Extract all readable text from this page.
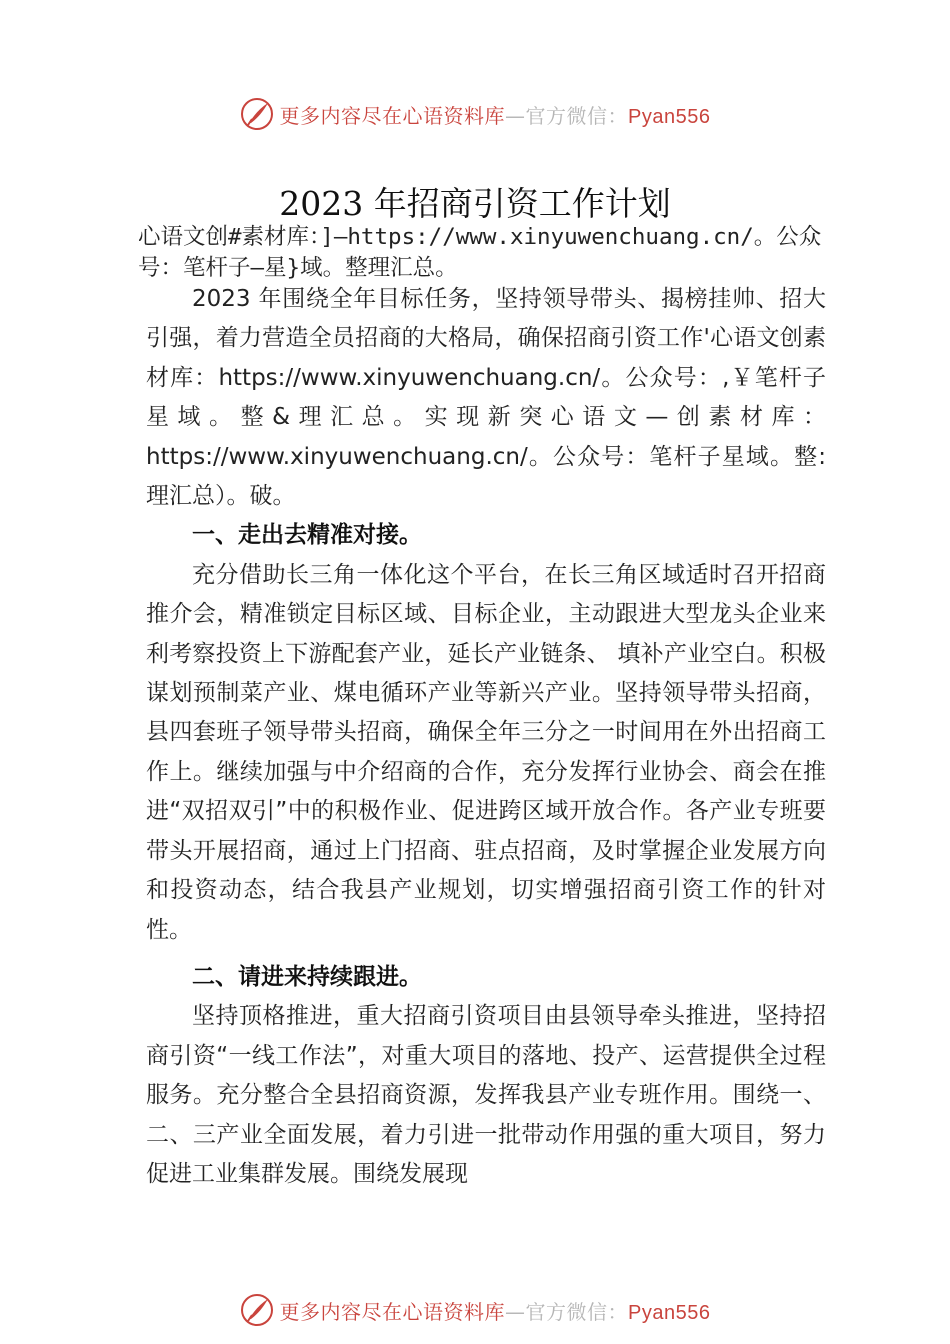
更多内容尽在心语资料库—官方微信：Pyan556
2023 年招商引资工作计划
心语文创#素材库：]—https://www.xinyuwenchuang.cn/。公众号：笔杆子—星}域。整理汇总。

2023 年围绕全年目标任务，坚持领导带头、揭榜挂帅、招大引强，着力营造全员招商的大格局，确保招商引资工作'心语文创素材库：https://www.xinyuwenchuang.cn/。公众号：,￥笔杆子星域。整&理汇总。实现新突心语文—创素材库：https://www.xinyuwenchuang.cn/。公众号：笔杆子星域。整:理汇总）。破。

一、走出去精准对接。

充分借助长三角一体化这个平台，在长三角区域适时召开招商推介会，精准锁定目标区域、目标企业，主动跟进大型龙头企业来利考察投资上下游配套产业，延长产业链条、 填补产业空白。积极谋划预制菜产业、煤电循环产业等新兴产业。坚持领导带头招商，县四套班子领导带头招商，确保全年三分之一时间用在外出招商工作上。继续加强与中介绍商的合作，充分发挥行业协会、商会在推进“双招双引”中的积极作业、促进跨区域开放合作。各产业专班要带头开展招商，通过上门招商、驻点招商，及时掌握企业发展方向和投资动态，结合我县产业规划，切实增强招商引资工作的针对性。

二、请进来持续跟进。

坚持顶格推进，重大招商引资项目由县领导牵头推进，坚持招商引资“一线工作法”，对重大项目的落地、投产、运营提供全过程服务。充分整合全县招商资源，发挥我县产业专班作用。围绕一、二、三产业全面发展，着力引进一批带动作用强的重大项目，努力促进工业集群发展。围绕发展现

更多内容尽在心语资料库—官方微信：Pyan556
